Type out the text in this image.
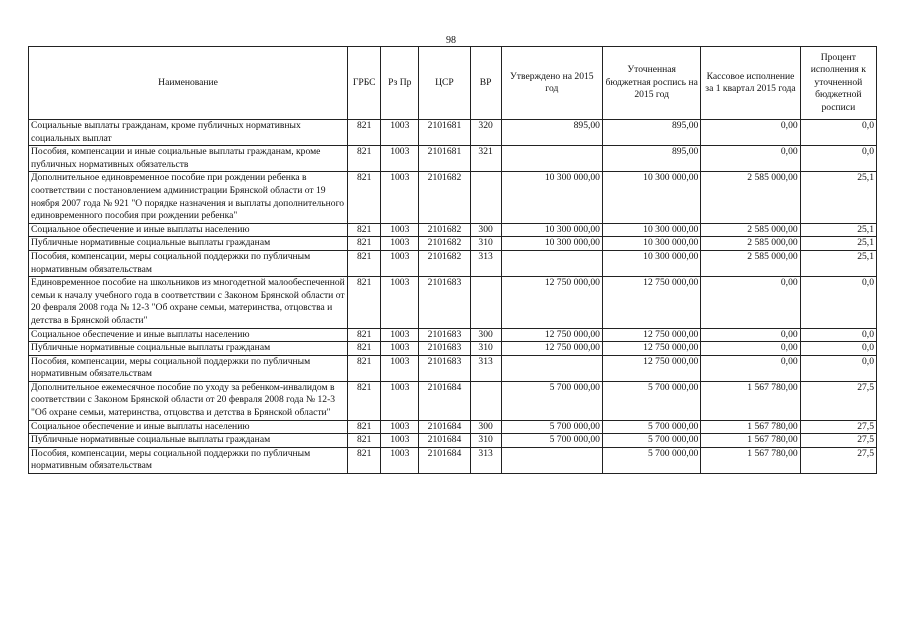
98
Наименование	ГРБС	Рз Пр	ЦСР	ВР	Утверждено на 2015 год	Уточненная бюджетная роспись на 2015 год	Кассовое исполнение за 1 квартал 2015 года	Процент исполнения к уточненной бюджетной росписи
Социальные выплаты гражданам, кроме публичных нормативных социальных выплат	821	1003	2101681	320	895,00	895,00	0,00	0,0
Пособия, компенсации и иные социальные выплаты гражданам, кроме публичных нормативных обязательств	821	1003	2101681	321		895,00	0,00	0,0
Дополнительное единовременное пособие при рождении ребенка в соответствии с постановлением администрации Брянской области от 19 ноября 2007 года № 921 "О порядке назначения и выплаты дополнительного единовременного пособия при рождении ребенка"	821	1003	2101682		10 300 000,00	10 300 000,00	2 585 000,00	25,1
Социальное обеспечение и иные выплаты населению	821	1003	2101682	300	10 300 000,00	10 300 000,00	2 585 000,00	25,1
Публичные нормативные социальные выплаты гражданам	821	1003	2101682	310	10 300 000,00	10 300 000,00	2 585 000,00	25,1
Пособия, компенсации, меры социальной поддержки по публичным нормативным обязательствам	821	1003	2101682	313		10 300 000,00	2 585 000,00	25,1
Единовременное пособие на школьников из многодетной малообеспеченной семьи к началу учебного года в соответствии с Законом Брянской области от 20 февраля 2008 года № 12-3 "Об охране семьи, материнства, отцовства и детства в Брянской области"	821	1003	2101683		12 750 000,00	12 750 000,00	0,00	0,0
Социальное обеспечение и иные выплаты населению	821	1003	2101683	300	12 750 000,00	12 750 000,00	0,00	0,0
Публичные нормативные социальные выплаты гражданам	821	1003	2101683	310	12 750 000,00	12 750 000,00	0,00	0,0
Пособия, компенсации, меры социальной поддержки по публичным нормативным обязательствам	821	1003	2101683	313		12 750 000,00	0,00	0,0
Дополнительное ежемесячное пособие по уходу за ребенком-инвалидом в соответствии с Законом Брянской области от 20 февраля 2008 года № 12-3 "Об охране семьи, материнства, отцовства и детства в Брянской области"	821	1003	2101684		5 700 000,00	5 700 000,00	1 567 780,00	27,5
Социальное обеспечение и иные выплаты населению	821	1003	2101684	300	5 700 000,00	5 700 000,00	1 567 780,00	27,5
Публичные нормативные социальные выплаты гражданам	821	1003	2101684	310	5 700 000,00	5 700 000,00	1 567 780,00	27,5
Пособия, компенсации, меры социальной поддержки по публичным нормативным обязательствам	821	1003	2101684	313		5 700 000,00	1 567 780,00	27,5
